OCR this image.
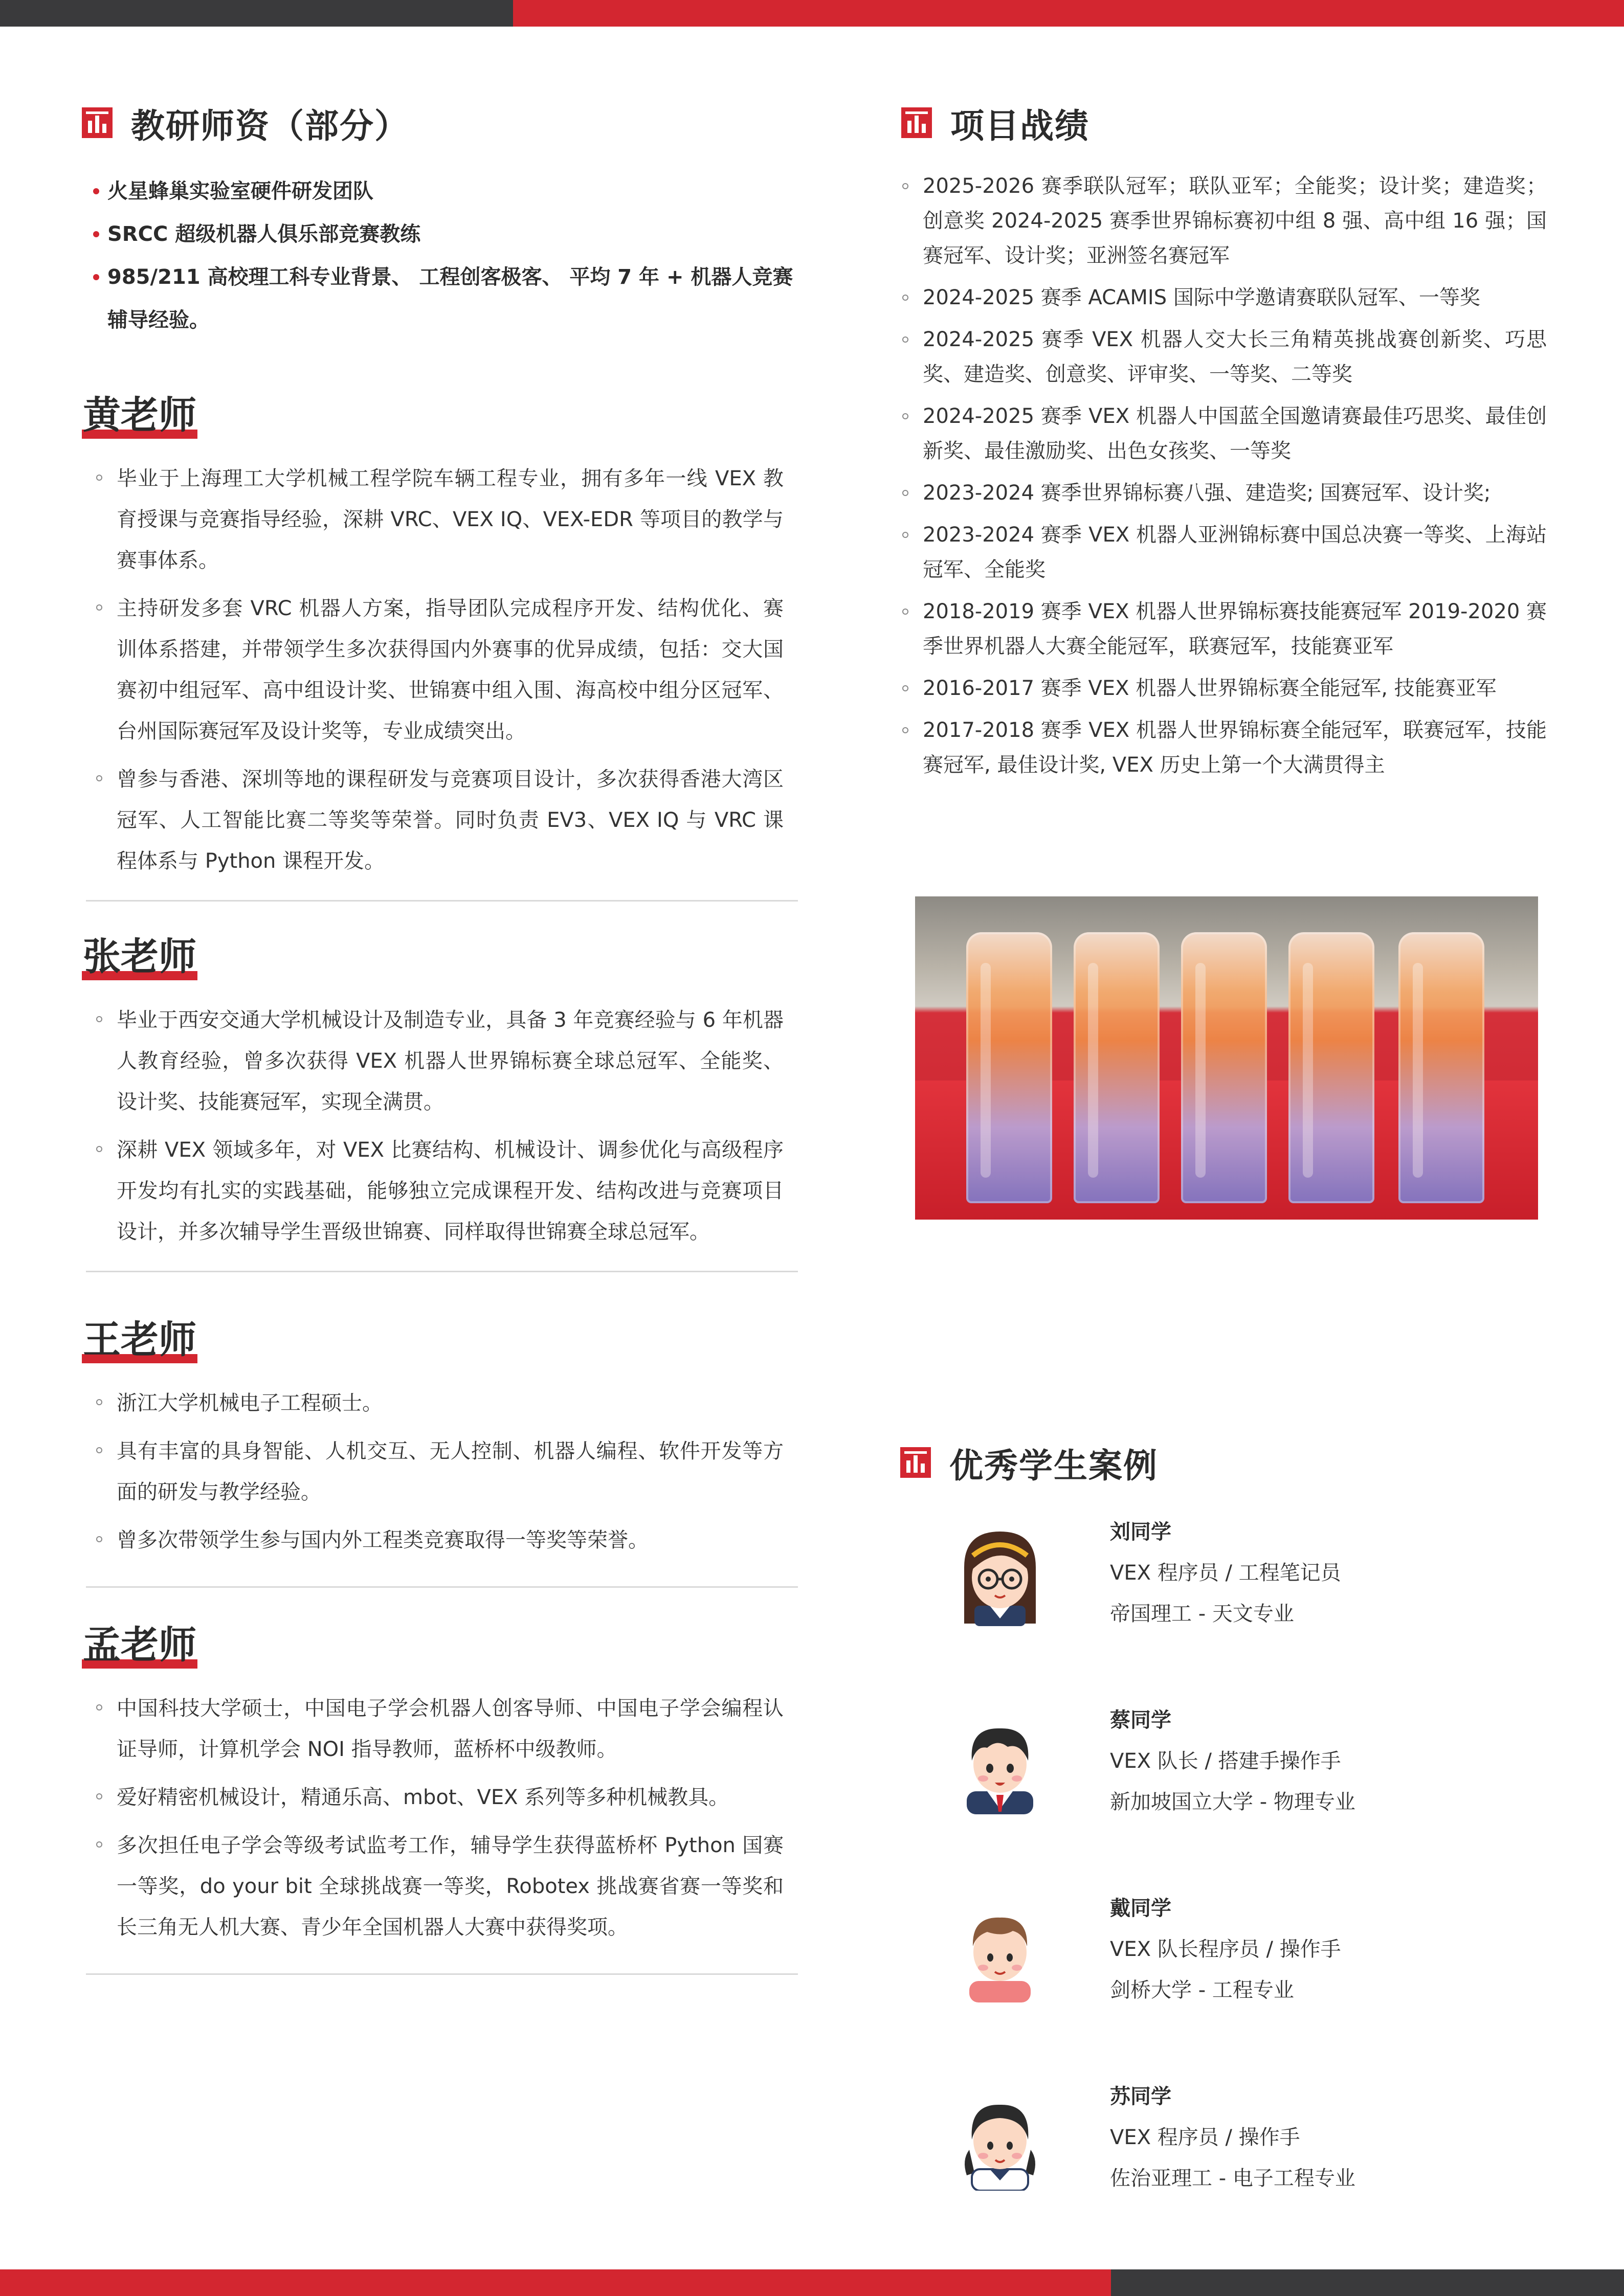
教研师资（部分）
火星蜂巢实验室硬件研发团队
SRCC 超级机器人俱乐部竞赛教练
985/211 高校理工科专业背景、 工程创客极客、 平均 7 年 + 机器人竞赛辅导经验。
黄老师
毕业于上海理工大学机械工程学院车辆工程专业，拥有多年一线 VEX 教育授课与竞赛指导经验，深耕 VRC、VEX IQ、VEX-EDR 等项目的教学与赛事体系。
主持研发多套 VRC 机器人方案，指导团队完成程序开发、结构优化、赛训体系搭建，并带领学生多次获得国内外赛事的优异成绩，包括：交大国赛初中组冠军、高中组设计奖、世锦赛中组入围、海高校中组分区冠军、台州国际赛冠军及设计奖等，专业成绩突出。
曾参与香港、深圳等地的课程研发与竞赛项目设计，多次获得香港大湾区冠军、人工智能比赛二等奖等荣誉。同时负责 EV3、VEX IQ 与 VRC 课程体系与 Python 课程开发。
张老师
毕业于西安交通大学机械设计及制造专业，具备 3 年竞赛经验与 6 年机器人教育经验，曾多次获得 VEX 机器人世界锦标赛全球总冠军、全能奖、设计奖、技能赛冠军，实现全满贯。
深耕 VEX 领域多年，对 VEX 比赛结构、机械设计、调参优化与高级程序开发均有扎实的实践基础，能够独立完成课程开发、结构改进与竞赛项目设计，并多次辅导学生晋级世锦赛、同样取得世锦赛全球总冠军。
王老师
浙江大学机械电子工程硕士。
具有丰富的具身智能、人机交互、无人控制、机器人编程、软件开发等方面的研发与教学经验。
曾多次带领学生参与国内外工程类竞赛取得一等奖等荣誉。
孟老师
中国科技大学硕士，中国电子学会机器人创客导师、中国电子学会编程认证导师，计算机学会 NOI 指导教师，蓝桥杯中级教师。
爱好精密机械设计，精通乐高、mbot、VEX 系列等多种机械教具。
多次担任电子学会等级考试监考工作，辅导学生获得蓝桥杯 Python 国赛一等奖，do your bit 全球挑战赛一等奖，Robotex 挑战赛省赛一等奖和长三角无人机大赛、青少年全国机器人大赛中获得奖项。
项目战绩
2025-2026 赛季联队冠军；联队亚军；全能奖；设计奖；建造奖；创意奖 2024-2025 赛季世界锦标赛初中组 8 强、高中组 16 强；国赛冠军、设计奖；亚洲签名赛冠军
2024-2025 赛季 ACAMIS 国际中学邀请赛联队冠军、一等奖
2024-2025 赛季 VEX 机器人交大长三角精英挑战赛创新奖、巧思奖、建造奖、创意奖、评审奖、一等奖、二等奖
2024-2025 赛季 VEX 机器人中国蓝全国邀请赛最佳巧思奖、最佳创新奖、最佳激励奖、出色女孩奖、一等奖
2023-2024 赛季世界锦标赛八强、建造奖; 国赛冠军、设计奖;
2023-2024 赛季 VEX 机器人亚洲锦标赛中国总决赛一等奖、上海站冠军、全能奖
2018-2019 赛季 VEX 机器人世界锦标赛技能赛冠军 2019-2020 赛季世界机器人大赛全能冠军，联赛冠军，技能赛亚军
2016-2017 赛季 VEX 机器人世界锦标赛全能冠军, 技能赛亚军
2017-2018 赛季 VEX 机器人世界锦标赛全能冠军，联赛冠军，技能赛冠军, 最佳设计奖, VEX 历史上第一个大满贯得主
优秀学生案例
刘同学
VEX 程序员 / 工程笔记员
帝国理工 - 天文专业
蔡同学
VEX 队长 / 搭建手操作手
新加坡国立大学 - 物理专业
戴同学
VEX 队长程序员 / 操作手
剑桥大学 - 工程专业
苏同学
VEX 程序员 / 操作手
佐治亚理工 - 电子工程专业
